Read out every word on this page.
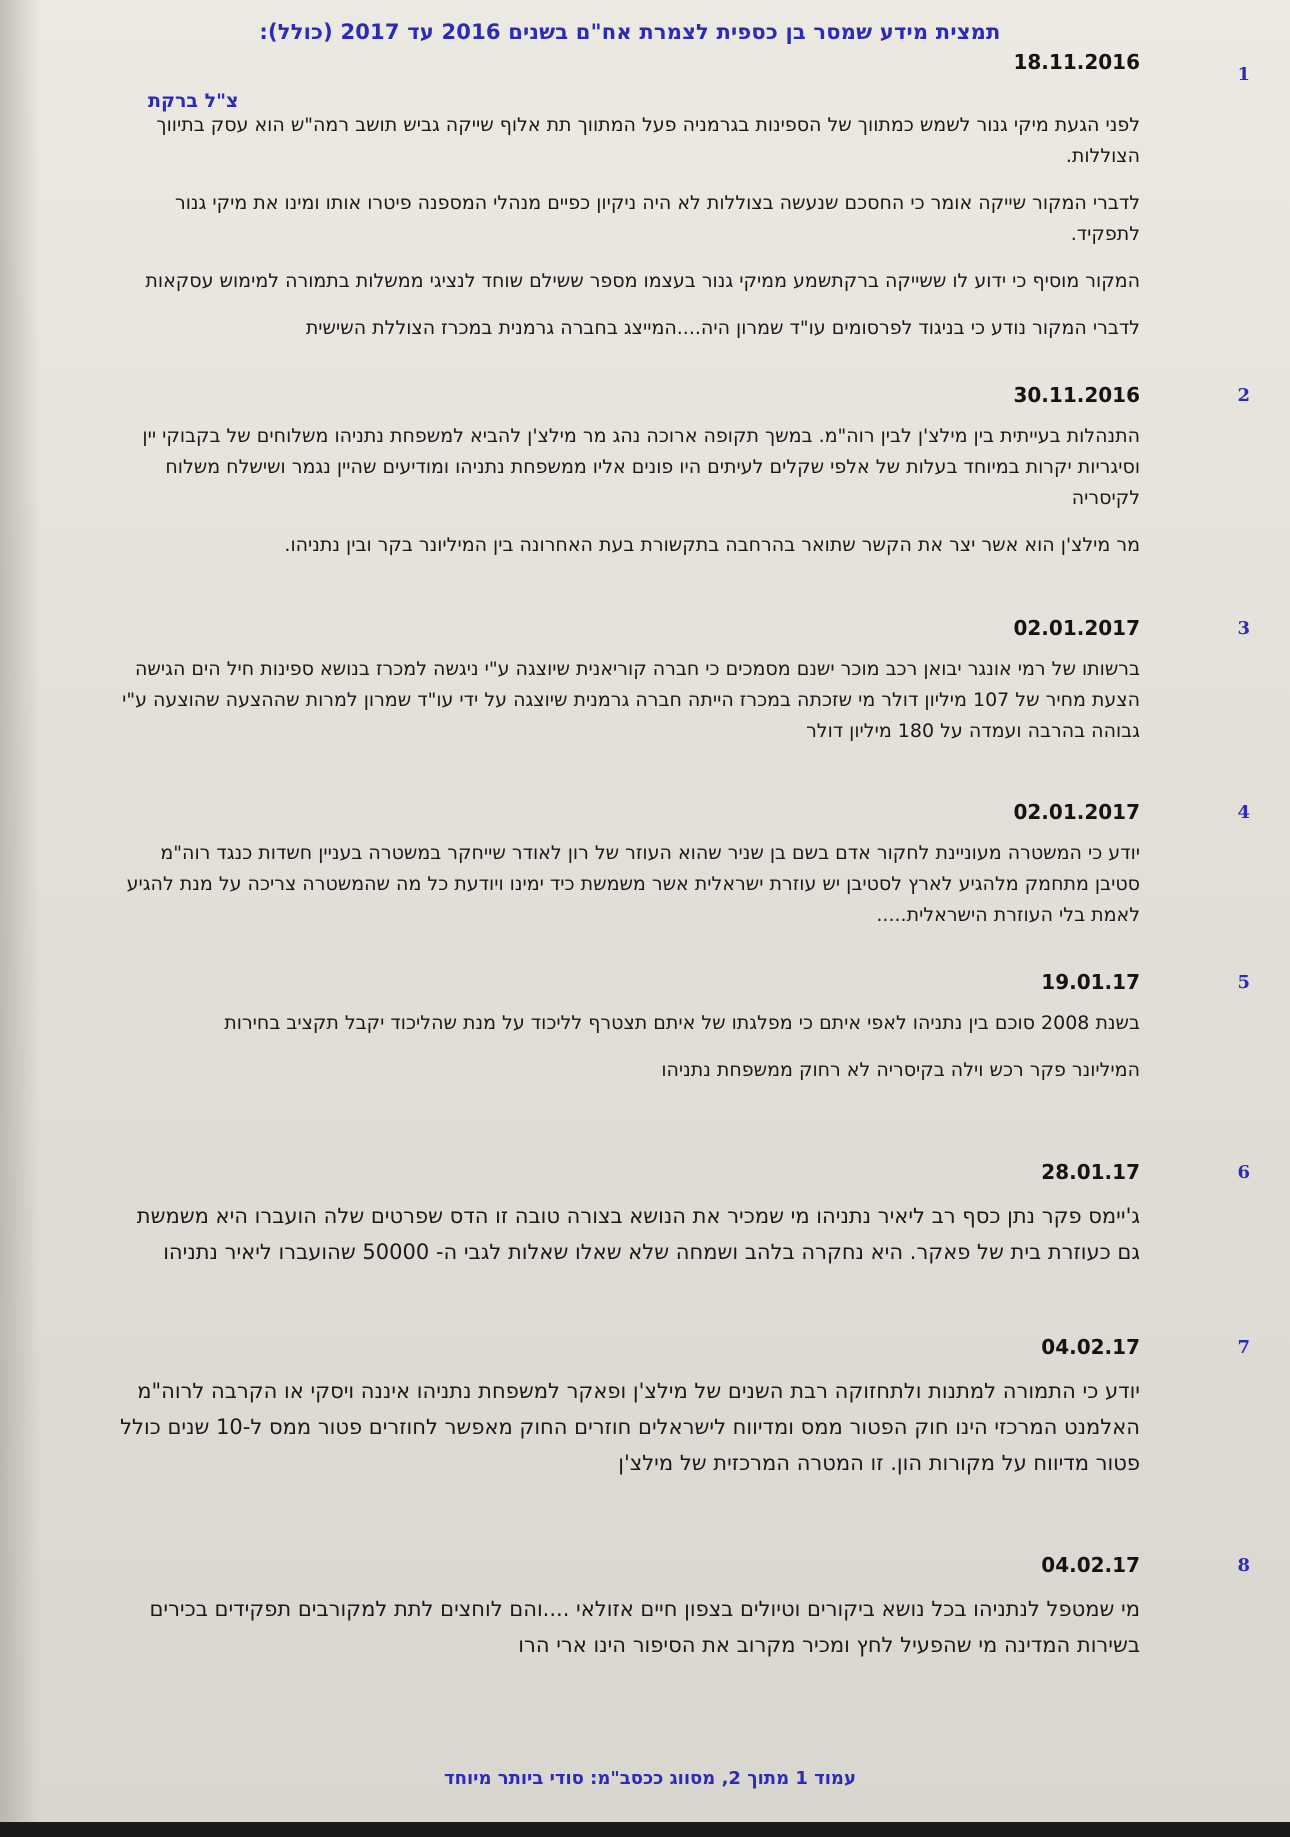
תמצית מידע שמסר בן כספית לצמרת אח"ם בשנים 2016 עד 2017 (כולל):
צ"ל ברקת
1
18.11.2016

לפני הגעת מיקי גנור לשמש כמתווך של הספינות בגרמניה פעל המתווך תת אלוף שייקה גביש תושב רמה"ש הוא עסק בתיווך הצוללות.

לדברי המקור שייקה אומר כי החסכם שנעשה בצוללות לא היה ניקיון כפיים מנהלי המספנה פיטרו אותו ומינו את מיקי גנור לתפקיד.

המקור מוסיף כי ידוע לו ששייקה ברקתשמע ממיקי גנור בעצמו מספר ששילם שוחד לנציגי ממשלות בתמורה למימוש עסקאות

לדברי המקור נודע כי בניגוד לפרסומים עו"ד שמרון היה....המייצג בחברה גרמנית במכרז הצוללת השישית

2
30.11.2016

התנהלות בעייתית בין מילצ'ן לבין רוה"מ. במשך תקופה ארוכה נהג מר מילצ'ן להביא למשפחת נתניהו משלוחים של בקבוקי יין וסיגריות יקרות במיוחד בעלות של אלפי שקלים לעיתים היו פונים אליו ממשפחת נתניהו ומודיעים שהיין נגמר ושישלח משלוח לקיסריה

מר מילצ'ן הוא אשר יצר את הקשר שתואר בהרחבה בתקשורת בעת האחרונה בין המיליונר בקר ובין נתניהו.

3
02.01.2017

ברשותו של רמי אונגר יבואן רכב מוכר ישנם מסמכים כי חברה קוריאנית שיוצגה ע"י ניגשה למכרז בנושא ספינות חיל הים הגישה הצעת מחיר של 107 מיליון דולר מי שזכתה במכרז הייתה חברה גרמנית שיוצגה על ידי עו"ד שמרון למרות שההצעה שהוצעה ע"י גבוהה בהרבה ועמדה על 180 מיליון דולר

4
02.01.2017

יודע כי המשטרה מעוניינת לחקור אדם בשם בן שניר שהוא העוזר של רון לאודר שייחקר במשטרה בעניין חשדות כנגד רוה"מ סטיבן מתחמק מלהגיע לארץ לסטיבן יש עוזרת ישראלית אשר משמשת כיד ימינו ויודעת כל מה שהמשטרה צריכה על מנת להגיע לאמת בלי העוזרת הישראלית.....

5
19.01.17

בשנת 2008 סוכם בין נתניהו לאפי איתם כי מפלגתו של איתם תצטרף לליכוד על מנת שהליכוד יקבל תקציב בחירות

המיליונר פקר רכש וילה בקיסריה לא רחוק ממשפחת נתניהו

6
28.01.17

ג'יימס פקר נתן כסף רב ליאיר נתניהו מי שמכיר את הנושא בצורה טובה זו הדס שפרטים שלה הועברו היא משמשת גם כעוזרת בית של פאקר. היא נחקרה בלהב ושמחה שלא שאלו שאלות לגבי ה- 50000 שהועברו ליאיר נתניהו

7
04.02.17

יודע כי התמורה למתנות ולתחזוקה רבת השנים של מילצ'ן ופאקר למשפחת נתניהו איננה ויסקי או הקרבה לרוה"מ האלמנט המרכזי הינו חוק הפטור ממס ומדיווח לישראלים חוזרים החוק מאפשר לחוזרים פטור ממס ל-10 שנים כולל פטור מדיווח על מקורות הון. זו המטרה המרכזית של מילצ'ן

8
04.02.17

מי שמטפל לנתניהו בכל נושא ביקורים וטיולים בצפון חיים אזולאי ....והם לוחצים לתת למקורבים תפקידים בכירים בשירות המדינה מי שהפעיל לחץ ומכיר מקרוב את הסיפור הינו ארי הרו

עמוד 1 מתוך 2, מסווג ככסב"מ: סודי ביותר מיוחד
